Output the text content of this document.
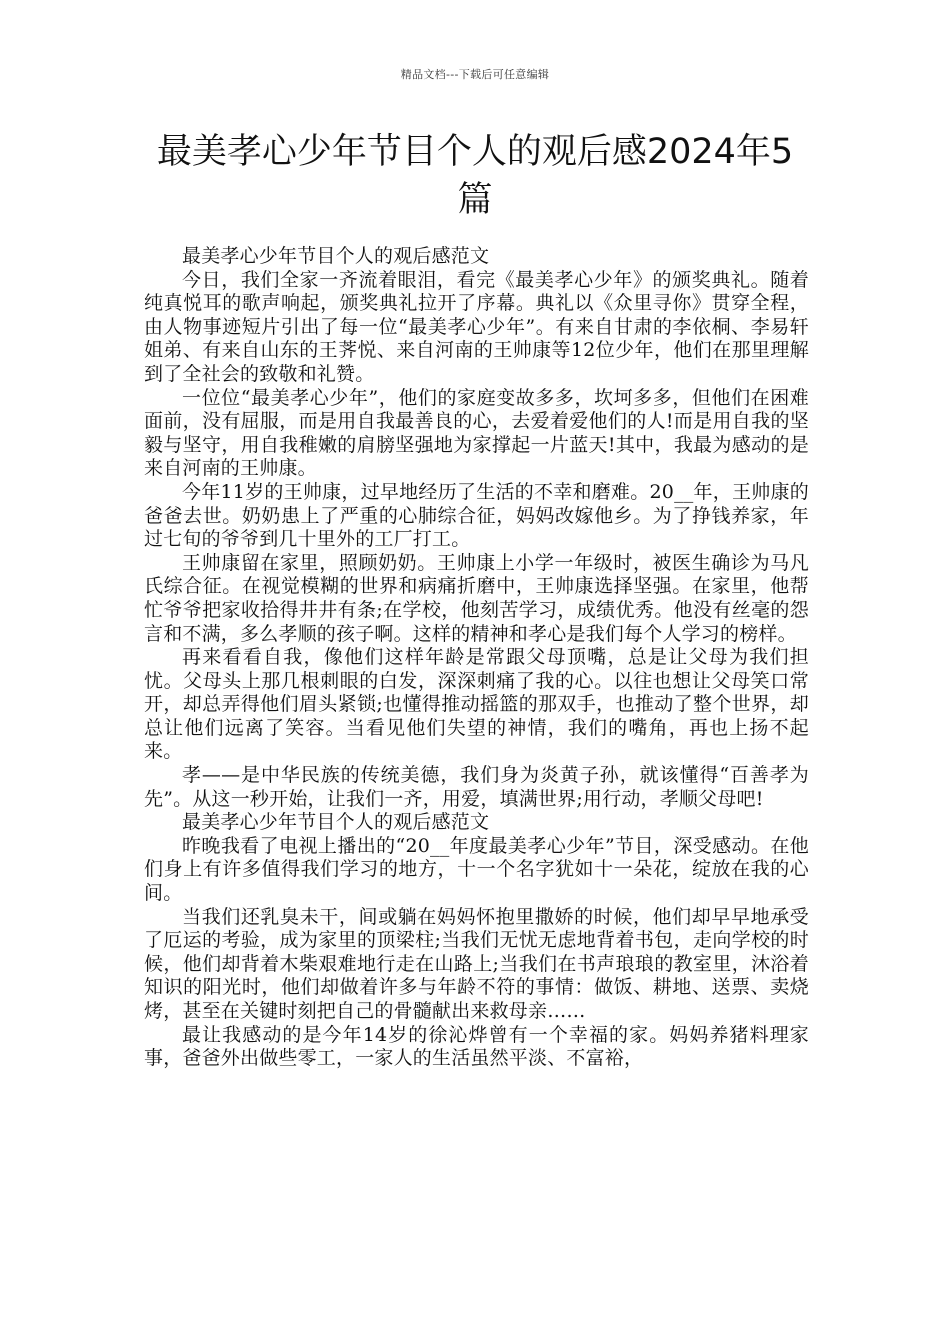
精品文档---下载后可任意编辑
最美孝心少年节目个人的观后感2024年5篇

最美孝心少年节目个人的观后感范文

今日，我们全家一齐流着眼泪，看完《最美孝心少年》的颁奖典礼。随着纯真悦耳的歌声响起，颁奖典礼拉开了序幕。典礼以《众里寻你》贯穿全程，由人物事迹短片引出了每一位“最美孝心少年”。有来自甘肃的李依桐、李易轩姐弟、有来自山东的王荠悦、来自河南的王帅康等12位少年，他们在那里理解到了全社会的致敬和礼赞。

一位位“最美孝心少年”，他们的家庭变故多多，坎坷多多，但他们在困难面前，没有屈服，而是用自我最善良的心，去爱着爱他们的人!而是用自我的坚毅与坚守，用自我稚嫩的肩膀坚强地为家撑起一片蓝天!其中，我最为感动的是来自河南的王帅康。

今年11岁的王帅康，过早地经历了生活的不幸和磨难。20__年，王帅康的爸爸去世。奶奶患上了严重的心肺综合征，妈妈改嫁他乡。为了挣钱养家，年过七旬的爷爷到几十里外的工厂打工。

王帅康留在家里，照顾奶奶。王帅康上小学一年级时，被医生确诊为马凡氏综合征。在视觉模糊的世界和病痛折磨中，王帅康选择坚强。在家里，他帮忙爷爷把家收拾得井井有条;在学校，他刻苦学习，成绩优秀。他没有丝毫的怨言和不满，多么孝顺的孩子啊。这样的精神和孝心是我们每个人学习的榜样。

再来看看自我，像他们这样年龄是常跟父母顶嘴，总是让父母为我们担忧。父母头上那几根刺眼的白发，深深刺痛了我的心。以往也想让父母笑口常开，却总弄得他们眉头紧锁;也懂得推动摇篮的那双手，也推动了整个世界，却总让他们远离了笑容。当看见他们失望的神情，我们的嘴角，再也上扬不起来。

孝——是中华民族的传统美德，我们身为炎黄子孙，就该懂得“百善孝为先”。从这一秒开始，让我们一齐，用爱，填满世界;用行动，孝顺父母吧!

最美孝心少年节目个人的观后感范文

昨晚我看了电视上播出的“20__年度最美孝心少年”节目，深受感动。在他们身上有许多值得我们学习的地方，十一个名字犹如十一朵花，绽放在我的心间。

当我们还乳臭未干，间或躺在妈妈怀抱里撒娇的时候，他们却早早地承受了厄运的考验，成为家里的顶梁柱;当我们无忧无虑地背着书包，走向学校的时候，他们却背着木柴艰难地行走在山路上;当我们在书声琅琅的教室里，沐浴着知识的阳光时，他们却做着许多与年龄不符的事情：做饭、耕地、送票、卖烧烤，甚至在关键时刻把自己的骨髓献出来救母亲……

最让我感动的是今年14岁的徐沁烨曾有一个幸福的家。妈妈养猪料理家事，爸爸外出做些零工，一家人的生活虽然平淡、不富裕，
